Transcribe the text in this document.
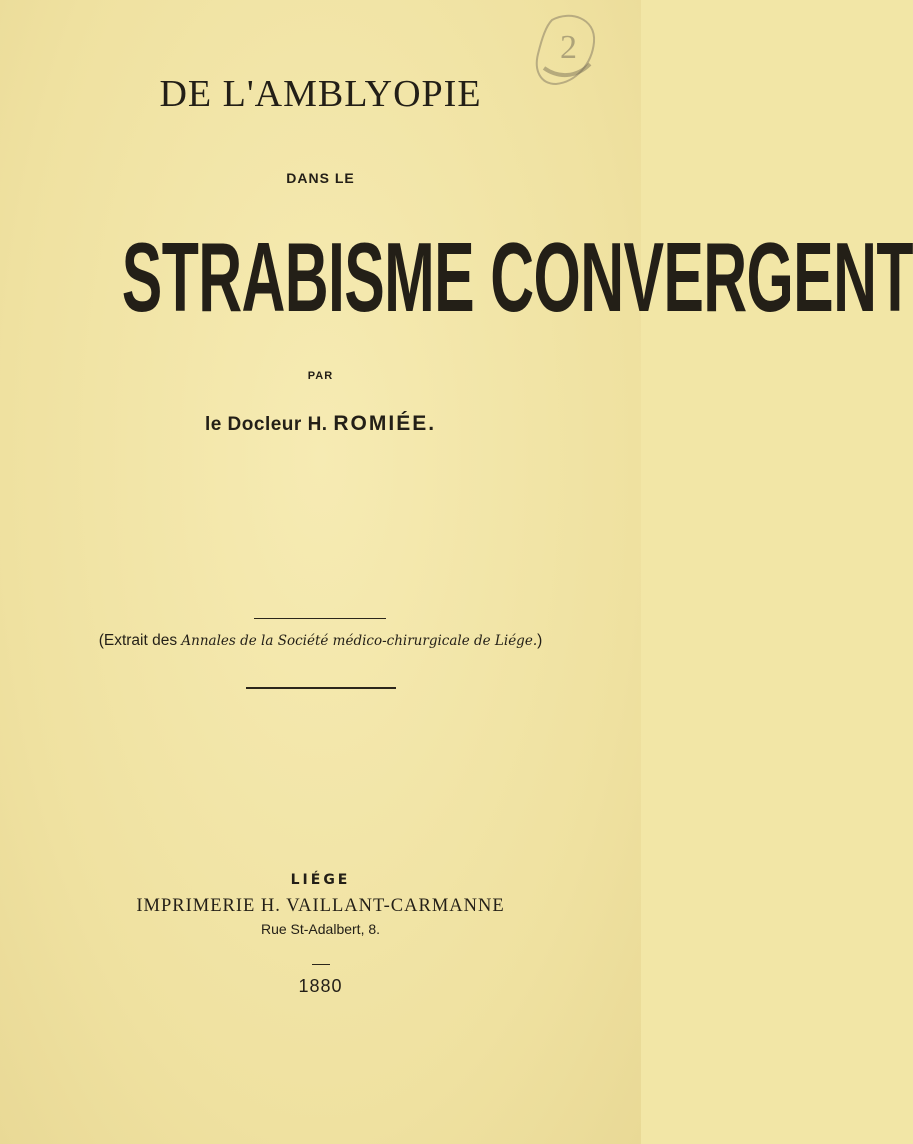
2
DE L'AMBLYOPIE
DANS LE
STRABISME CONVERGENT
PAR
le Docleur H. ROMIÉE.
(Extrait des Annales de la Société médico-chirurgicale de Liége.)
LIÉGE
IMPRIMERIE H. VAILLANT-CARMANNE
Rue St-Adalbert, 8.
1880
